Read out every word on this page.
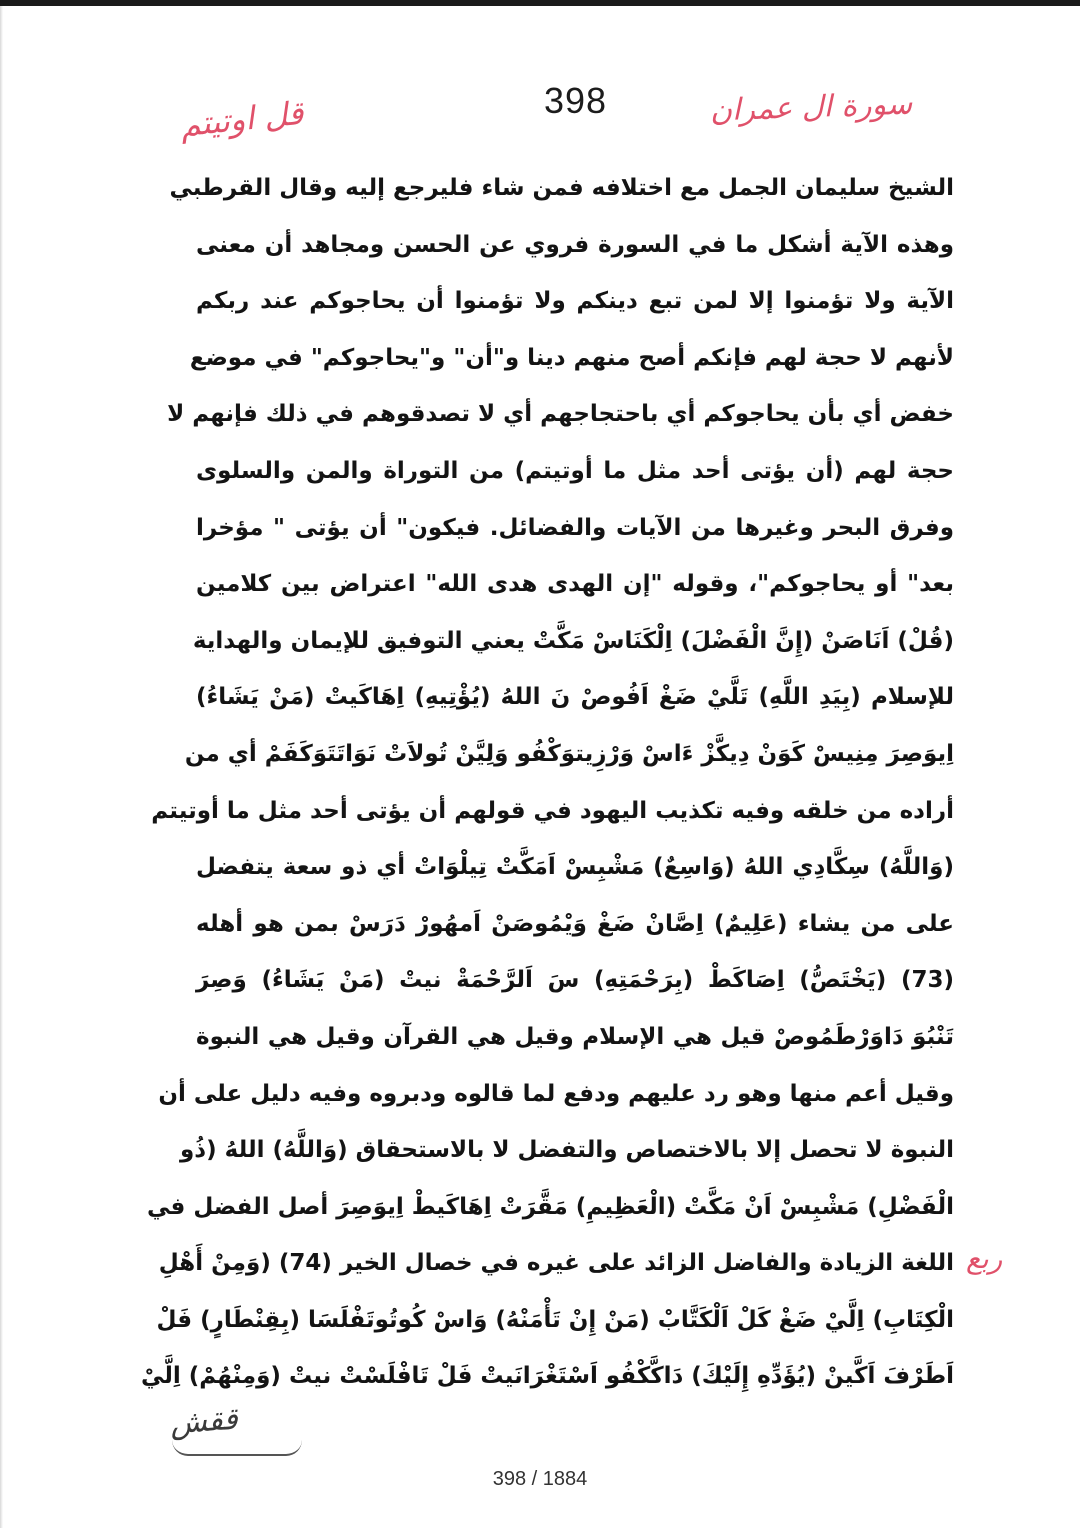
398	سورة ال عمران
قل اوتيتم
ربع
ققش
الشيخ سليمان الجمل مع اختلافه فمن شاء فليرجع إليه وقال القرطبي
وهذه الآية أشكل ما في السورة فروي عن الحسن ومجاهد أن معنى
الآية ولا تؤمنوا إلا لمن تبع دينكم ولا تؤمنوا أن يحاجوكم عند ربكم
لأنهم لا حجة لهم فإنكم أصح منهم دينا و"أن" و"يحاجوكم" في موضع
خفض أي بأن يحاجوكم أي باحتجاجهم أي لا تصدقوهم في ذلك فإنهم لا
حجة لهم (أن يؤتى أحد مثل ما أوتيتم) من التوراة والمن والسلوى
وفرق البحر وغيرها من الآيات والفضائل. فيكون" أن يؤتى " مؤخرا
بعد" أو يحاجوكم"، وقوله "إن الهدى هدى الله" اعتراض بين كلامين
(قُلْ) اَنَاصَنْ (إِنَّ الْفَضْلَ) اِلْكَنَاسْ مَكَّتْ يعني التوفيق للإيمان والهداية
للإسلام (بِيَدِ اللَّهِ) تَلَّيْ ضَغْ اَفُوصْ نَ اللهُ (يُؤْتِيهِ) اِهَاكَيتْ (مَنْ يَشَاءُ)
اِيوَصِرَ مِنِيسْ كَوَنْ دِيكَّزْ ءَاسْ وَرْزِيتوَكْفُو وَلِيَّنْ تُولاَتْ نَوَاتَتَوَكَفَمْ أي من
أراده من خلقه وفيه تكذيب اليهود في قولهم أن يؤتى أحد مثل ما أوتيتم
(وَاللَّهُ) سِكَّادِي اللهُ (وَاسِعٌ) مَشْبِسْ اَمَكَّتْ تِيلْوَاتْ أي ذو سعة يتفضل
على من يشاء (عَلِيمٌ) اِصَّانْ ضَغْ وَيْمُوصَنْ اَمهُورْ دَرَسْ بمن هو أهله
(73) (يَخْتَصُّ) اِصَاكَطْ (بِرَحْمَتِهِ) سَ اَلرَّحْمَةْ نيتْ (مَنْ يَشَاءُ) وَصِرَ
تَنْبُوَ دَاوَرْطَمُوصْ قيل هي الإسلام وقيل هي القرآن وقيل هي النبوة
وقيل أعم منها وهو رد عليهم ودفع لما قالوه ودبروه وفيه دليل على أن
النبوة لا تحصل إلا بالاختصاص والتفضل لا بالاستحقاق (وَاللَّهُ) اللهُ (ذُو
الْفَضْلِ) مَشْبِسْ اَنْ مَكَّتْ (الْعَظِيمِ) مَقَّرَتْ اِهَاكَيطْ اِيوَصِرَ أصل الفضل في
اللغة الزيادة والفاضل الزائد على غيره في خصال الخير (74) (وَمِنْ أَهْلِ
الْكِتَابِ) اِلَّيْ ضَغْ كَلْ اَلْكَتَّابْ (مَنْ إِنْ تَأْمَنْهُ) وَاسْ كُوتُوتَفْلَسَا (بِقِنْطَارٍ) فَلْ
اَطَرْفَ اَكَّينْ (يُؤَدِّهِ إِلَيْكَ) دَاكَّكْفُو اَسْتَغْرَانَيتْ فَلْ تَافْلَسْتْ نيتْ (وَمِنْهُمْ) اِلَّيْ
398 / 1884
